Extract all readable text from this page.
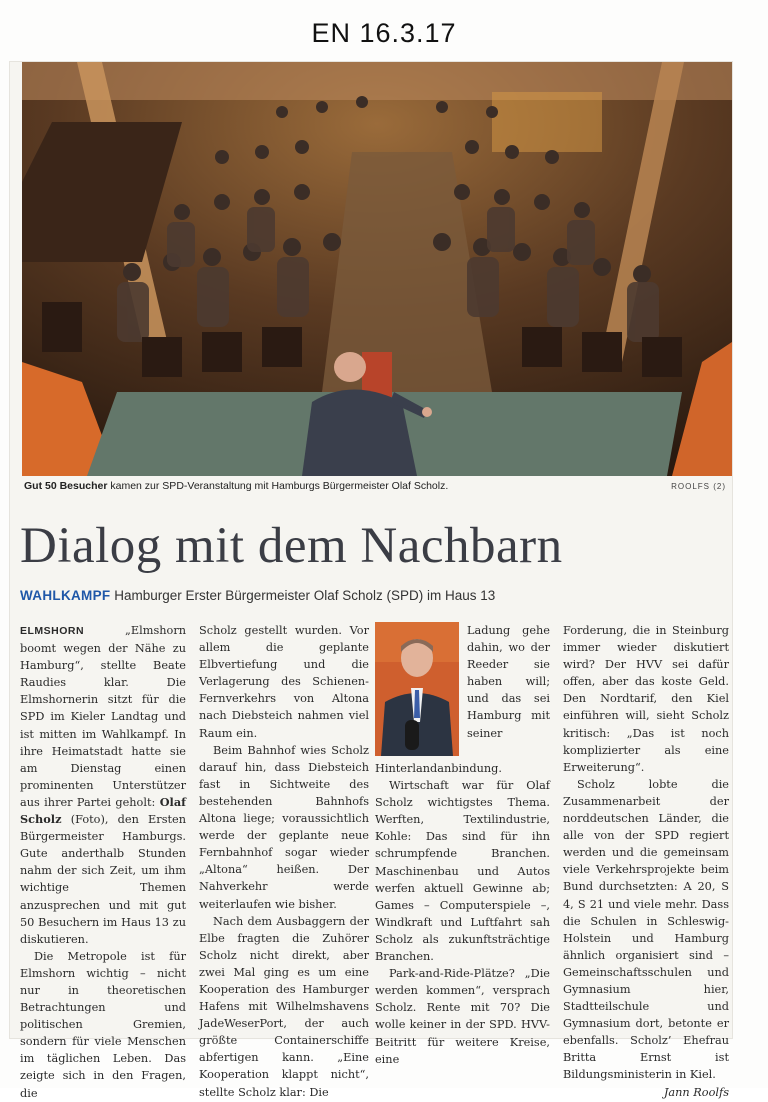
EN 16.3.17
Gut 50 Besucher kamen zur SPD-Veranstaltung mit Hamburgs Bürgermeister Olaf Scholz.	ROOLFS (2)
Dialog mit dem Nachbarn
WAHLKAMPF Hamburger Erster Bürgermeister Olaf Scholz (SPD) im Haus 13

ELMSHORN	„Elmshorn boomt wegen der Nähe zu Hamburg“, stellte Beate Raudies klar. Die Elmshornerin sitzt für die SPD im Kieler Landtag und ist mitten im Wahlkampf. In ihre Heimatstadt hatte sie am Dienstag einen prominenten Unterstützer aus ihrer Partei geholt: Olaf Scholz (Foto), den Ersten Bürgermeister Hamburgs. Gute anderthalb Stunden nahm der sich Zeit, um ihm wichtige Themen anzusprechen und mit gut 50 Besuchern im Haus 13 zu diskutieren.

Die Metropole ist für Elmshorn wichtig – nicht nur in theoretischen Betrachtungen und politischen Gremien, sondern für viele Menschen im täglichen Leben. Das zeigte sich in den Fragen, die

Scholz gestellt wurden. Vor allem die geplante Elbvertiefung und die Verlagerung des Schienen-Fernverkehrs von Altona nach Diebsteich nahmen viel Raum ein.

Beim Bahnhof wies Scholz darauf hin, dass Diebsteich fast in Sichtweite des bestehenden Bahnhofs Altona liege; voraussichtlich werde der geplante neue Fernbahnhof sogar wieder „Altona“ heißen. Der Nahverkehr werde weiterlaufen wie bisher.

Nach dem Ausbaggern der Elbe fragten die Zuhörer Scholz nicht direkt, aber zwei Mal ging es um eine Kooperation des Hamburger Hafens mit Wilhelmshavens JadeWeserPort, der auch größte Containerschiffe abfertigen kann. „Eine Kooperation klappt nicht“, stellte Scholz klar: Die

Ladung gehe dahin, wo der Reeder sie haben will; und das sei Hamburg mit seiner Hinterlandanbindung.

Wirtschaft war für Olaf Scholz wichtigstes Thema. Werften, Textilindustrie, Kohle: Das sind für ihn schrumpfende Branchen. Maschinenbau und Autos werfen aktuell Gewinne ab; Games – Computerspiele –, Windkraft und Luftfahrt sah Scholz als zukunftsträchtige Branchen.

Park-and-Ride-Plätze? „Die werden kommen“, versprach Scholz. Rente mit 70? Die wolle keiner in der SPD. HVV-Beitritt für weitere Kreise, eine

Forderung, die in Steinburg immer wieder diskutiert wird? Der HVV sei dafür offen, aber das koste Geld. Den Nordtarif, den Kiel einführen will, sieht Scholz kritisch: „Das ist noch komplizierter als eine Erweiterung“.

Scholz lobte die Zusammenarbeit der norddeutschen Länder, die alle von der SPD regiert werden und die gemeinsam viele Verkehrsprojekte beim Bund durchsetzten: A 20, S 4, S 21 und viele mehr. Dass die Schulen in Schleswig-Holstein und Hamburg ähnlich organisiert sind – Gemeinschaftsschulen und Gymnasium hier, Stadtteilschule und Gymnasium dort, betonte er ebenfalls. Scholz’ Ehefrau Britta Ernst ist Bildungsministerin in Kiel.

Jann Roolfs
